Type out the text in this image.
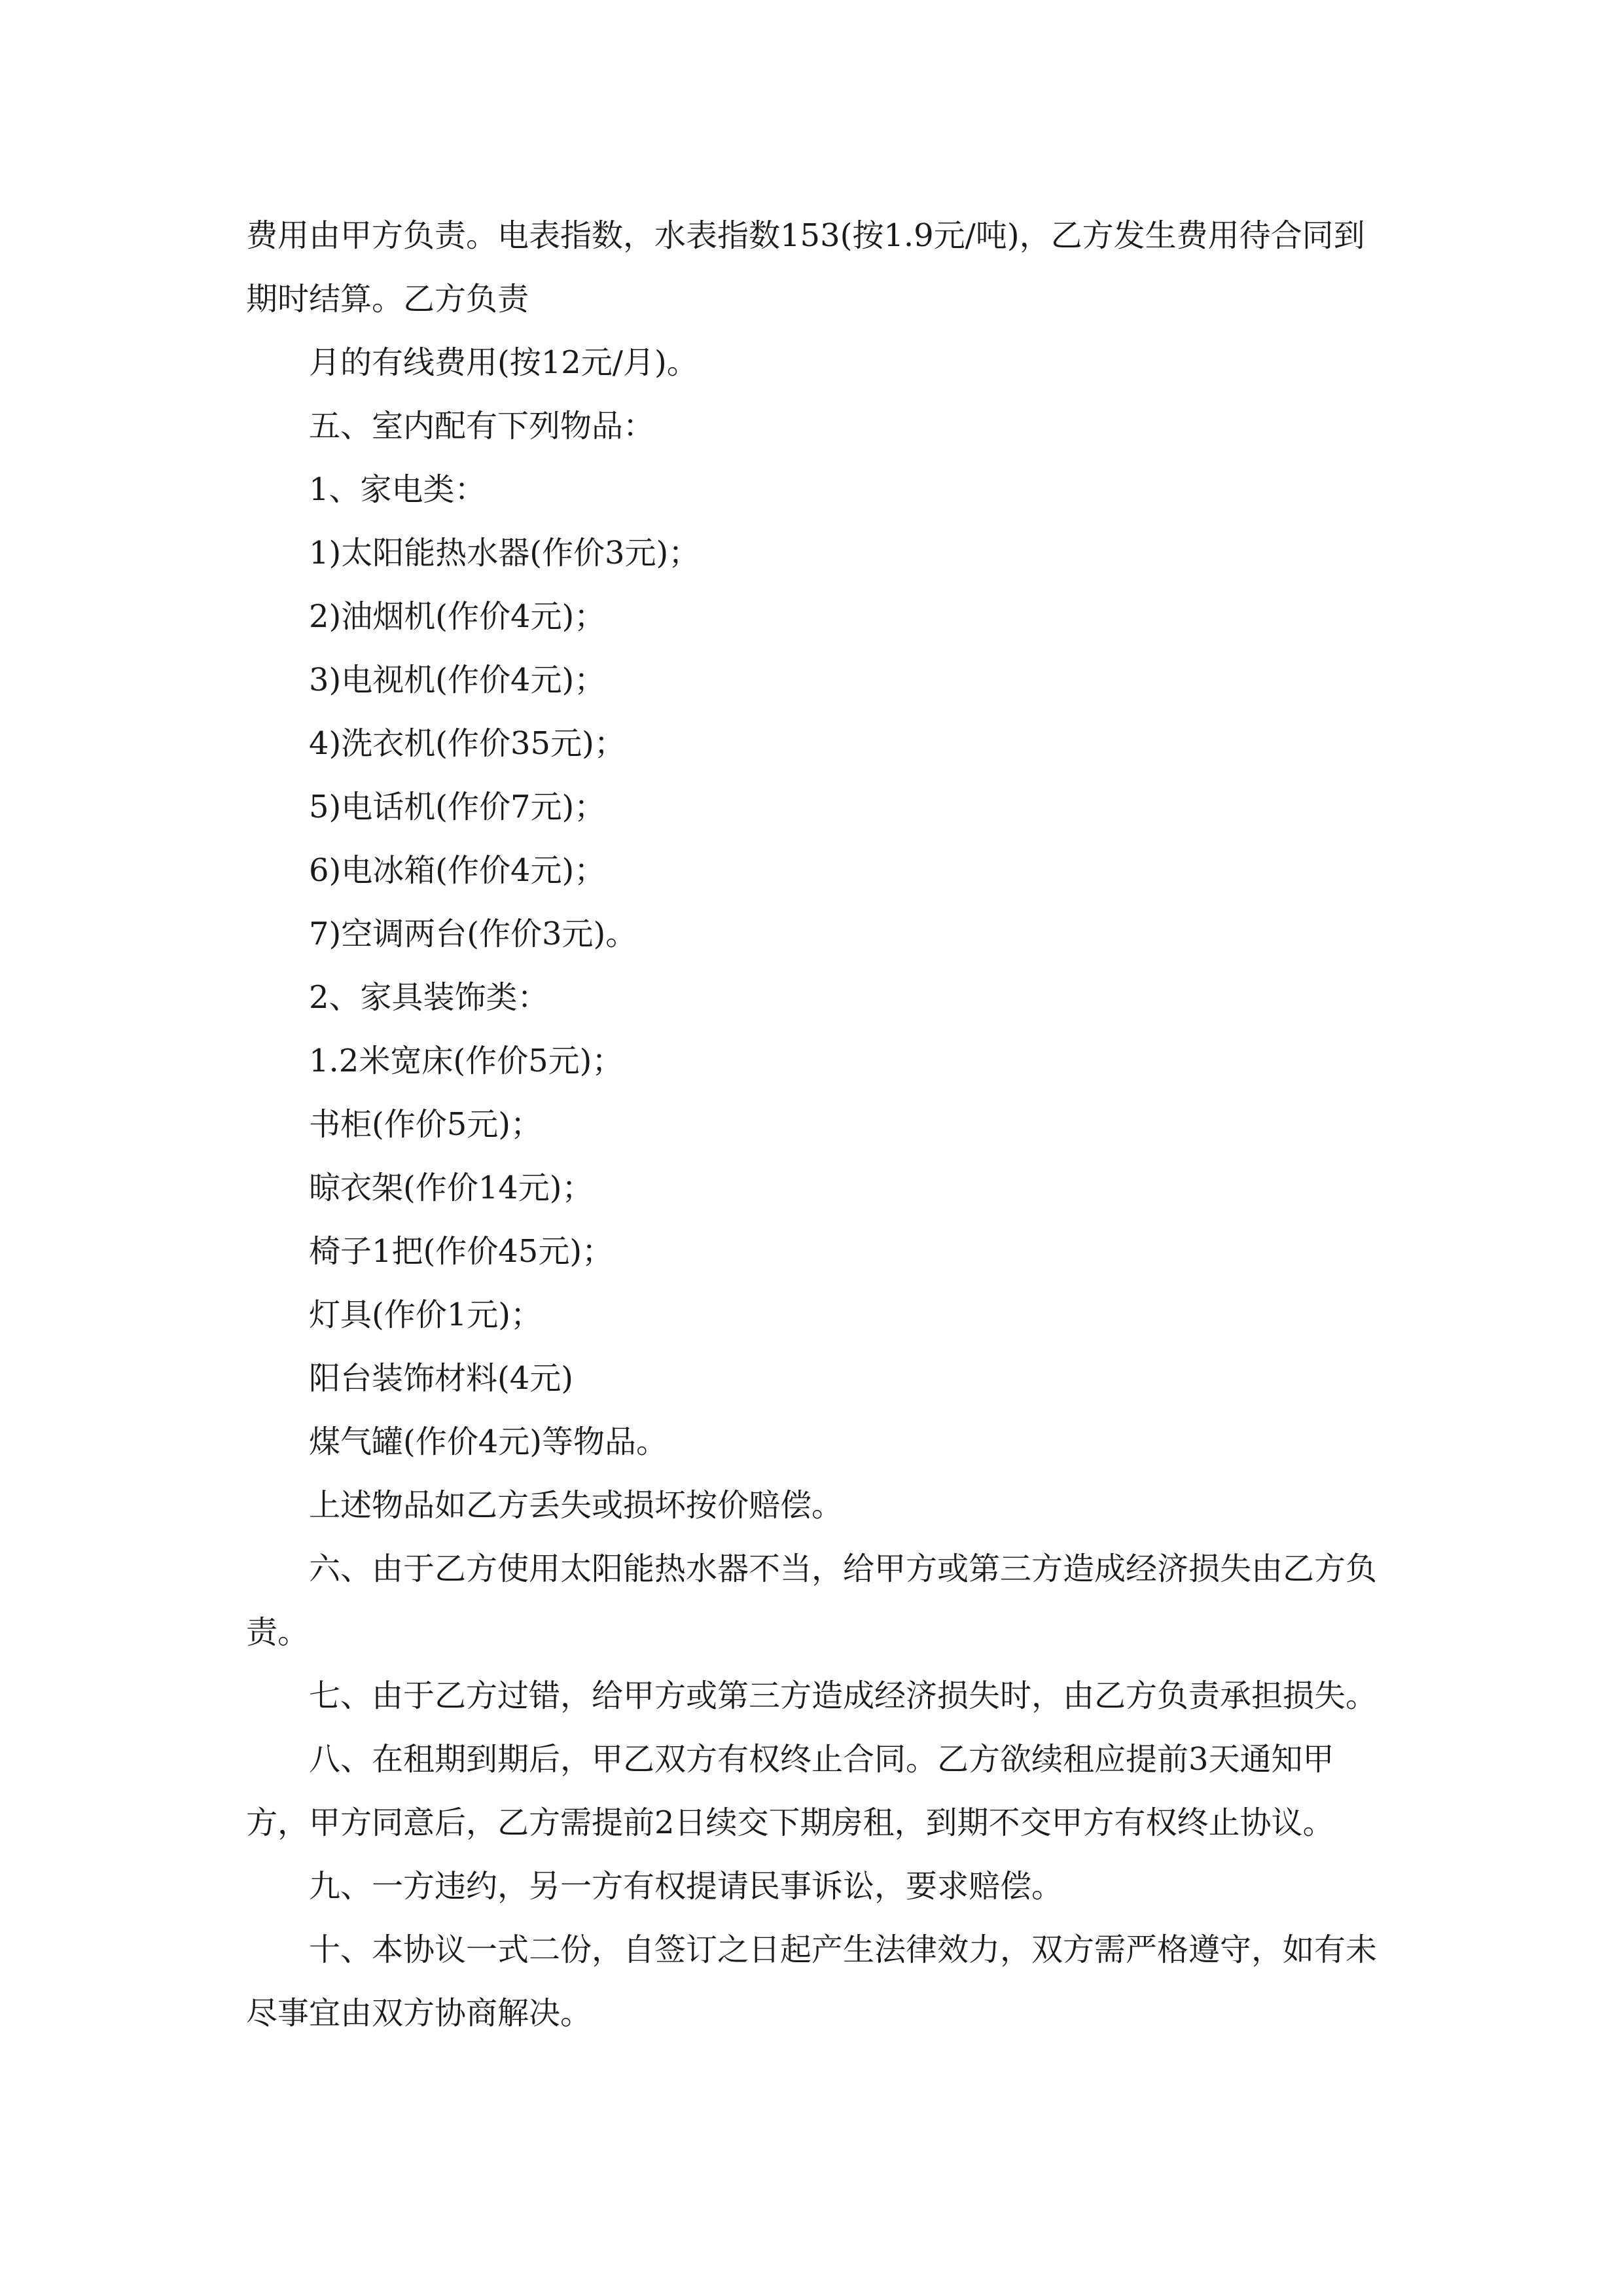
费用由甲方负责。电表指数，水表指数153(按1.9元/吨)，乙方发生费用待合同到期时结算。乙方负责

月的有线费用(按12元/月)。

五、室内配有下列物品：

1、家电类：

1)太阳能热水器(作价3元)；

2)油烟机(作价4元)；

3)电视机(作价4元)；

4)洗衣机(作价35元)；

5)电话机(作价7元)；

6)电冰箱(作价4元)；

7)空调两台(作价3元)。

2、家具装饰类：

1.2米宽床(作价5元)；

书柜(作价5元)；

晾衣架(作价14元)；

椅子1把(作价45元)；

灯具(作价1元)；

阳台装饰材料(4元)

煤气罐(作价4元)等物品。

上述物品如乙方丢失或损坏按价赔偿。

六、由于乙方使用太阳能热水器不当，给甲方或第三方造成经济损失由乙方负责。

七、由于乙方过错，给甲方或第三方造成经济损失时，由乙方负责承担损失。

八、在租期到期后，甲乙双方有权终止合同。乙方欲续租应提前3天通知甲方，甲方同意后，乙方需提前2日续交下期房租，到期不交甲方有权终止协议。

九、一方违约，另一方有权提请民事诉讼，要求赔偿。

十、本协议一式二份，自签订之日起产生法律效力，双方需严格遵守，如有未尽事宜由双方协商解决。
